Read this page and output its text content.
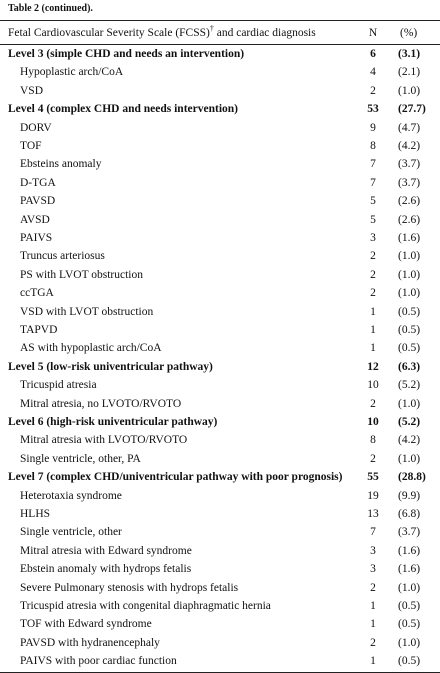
Table 2 (continued).
Fetal Cardiovascular Severity Scale (FCSS)† and cardiac diagnosis	N	(%)
Level 3 (simple CHD and needs an intervention)	6	(3.1)
Hypoplastic arch/CoA	4	(2.1)
VSD	2	(1.0)
Level 4 (complex CHD and needs intervention)	53	(27.7)
DORV	9	(4.7)
TOF	8	(4.2)
Ebsteins anomaly	7	(3.7)
D-TGA	7	(3.7)
PAVSD	5	(2.6)
AVSD	5	(2.6)
PAIVS	3	(1.6)
Truncus arteriosus	2	(1.0)
PS with LVOT obstruction	2	(1.0)
ccTGA	2	(1.0)
VSD with LVOT obstruction	1	(0.5)
TAPVD	1	(0.5)
AS with hypoplastic arch/CoA	1	(0.5)
Level 5 (low-risk univentricular pathway)	12	(6.3)
Tricuspid atresia	10	(5.2)
Mitral atresia, no LVOTO/RVOTO	2	(1.0)
Level 6 (high-risk univentricular pathway)	10	(5.2)
Mitral atresia with LVOTO/RVOTO	8	(4.2)
Single ventricle, other, PA	2	(1.0)
Level 7 (complex CHD/univentricular pathway with poor prognosis)	55	(28.8)
Heterotaxia syndrome	19	(9.9)
HLHS	13	(6.8)
Single ventricle, other	7	(3.7)
Mitral atresia with Edward syndrome	3	(1.6)
Ebstein anomaly with hydrops fetalis	3	(1.6)
Severe Pulmonary stenosis with hydrops fetalis	2	(1.0)
Tricuspid atresia with congenital diaphragmatic hernia	1	(0.5)
TOF with Edward syndrome	1	(0.5)
PAVSD with hydranencephaly	2	(1.0)
PAIVS with poor cardiac function	1	(0.5)
